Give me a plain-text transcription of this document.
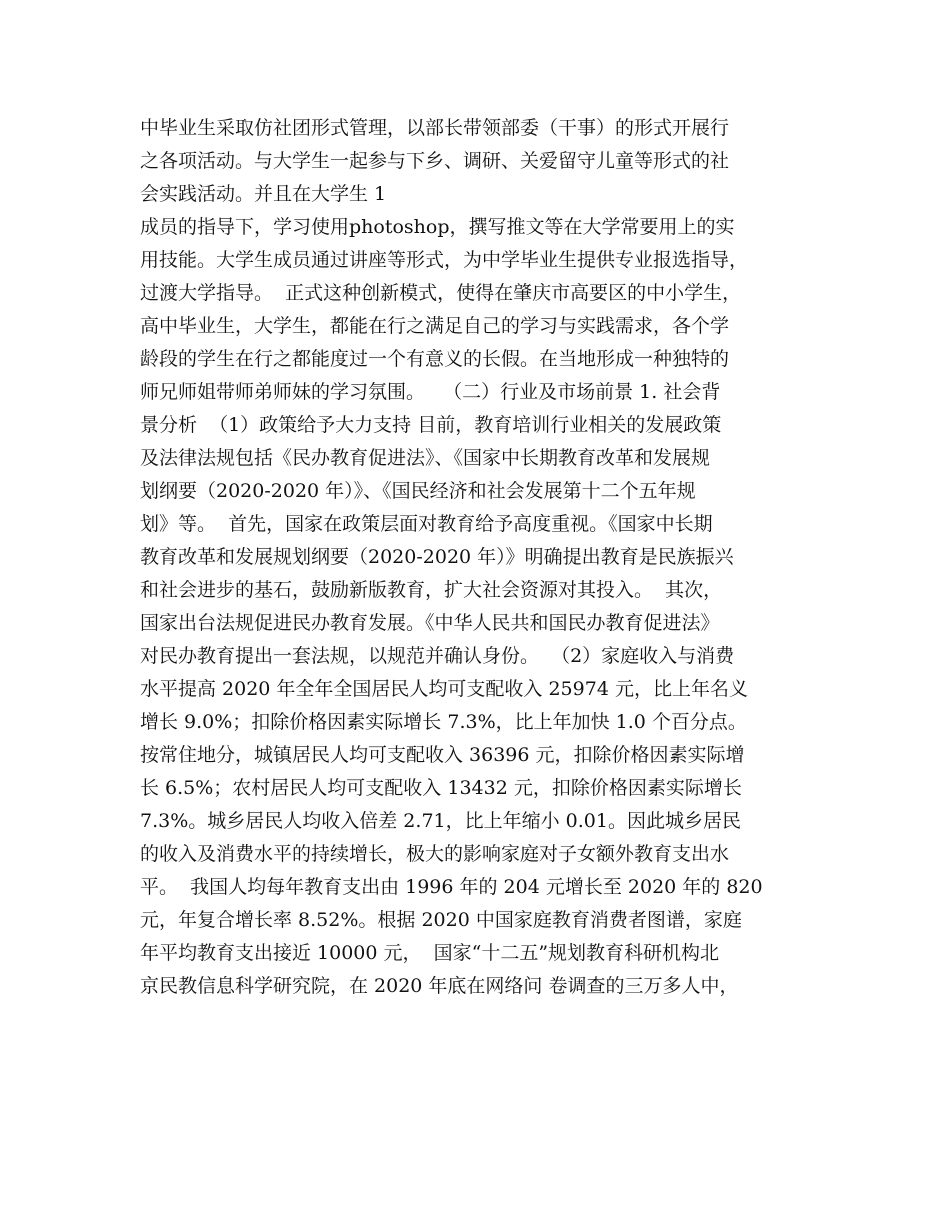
中毕业生采取仿社团形式管理，以部长带领部委（干事）的形式开展行
之各项活动。与大学生一起参与下乡、调研、关爱留守儿童等形式的社
会实践活动。并且在大学生 1
成员的指导下，学习使用photoshop，撰写推文等在大学常要用上的实
用技能。大学生成员通过讲座等形式，为中学毕业生提供专业报选指导，
过渡大学指导。  正式这种创新模式，使得在肇庆市高要区的中小学生，
高中毕业生，大学生，都能在行之满足自己的学习与实践需求，各个学
龄段的学生在行之都能度过一个有意义的长假。在当地形成一种独特的
师兄师姐带师弟师妹的学习氛围。   （二）行业及市场前景 1. 社会背
景分析  （1）政策给予大力支持 目前，教育培训行业相关的发展政策
及法律法规包括《民办教育促进法》、《国家中长期教育改革和发展规
划纲要（2020-2020 年）》、《国民经济和社会发展第十二个五年规
划》等。  首先，国家在政策层面对教育给予高度重视。《国家中长期
教育改革和发展规划纲要（2020-2020 年）》明确提出教育是民族振兴
和社会进步的基石，鼓励新版教育，扩大社会资源对其投入。  其次，
国家出台法规促进民办教育发展。《中华人民共和国民办教育促进法》
对民办教育提出一套法规，以规范并确认身份。  （2）家庭收入与消费
水平提高 2020 年全年全国居民人均可支配收入 25974 元，比上年名义
增长 9.0%；扣除价格因素实际增长 7.3%，比上年加快 1.0 个百分点。
按常住地分，城镇居民人均可支配收入 36396 元，扣除价格因素实际增
长 6.5%；农村居民人均可支配收入 13432 元，扣除价格因素实际增长
7.3%。城乡居民人均收入倍差 2.71，比上年缩小 0.01。因此城乡居民
的收入及消费水平的持续增长，极大的影响家庭对子女额外教育支出水
平。  我国人均每年教育支出由 1996 年的 204 元增长至 2020 年的 820
元，年复合增长率 8.52%。根据 2020 中国家庭教育消费者图谱，家庭
年平均教育支出接近 10000 元，  国家“十二五”规划教育科研机构北
京民教信息科学研究院，在 2020 年底在网络问 卷调查的三万多人中，
